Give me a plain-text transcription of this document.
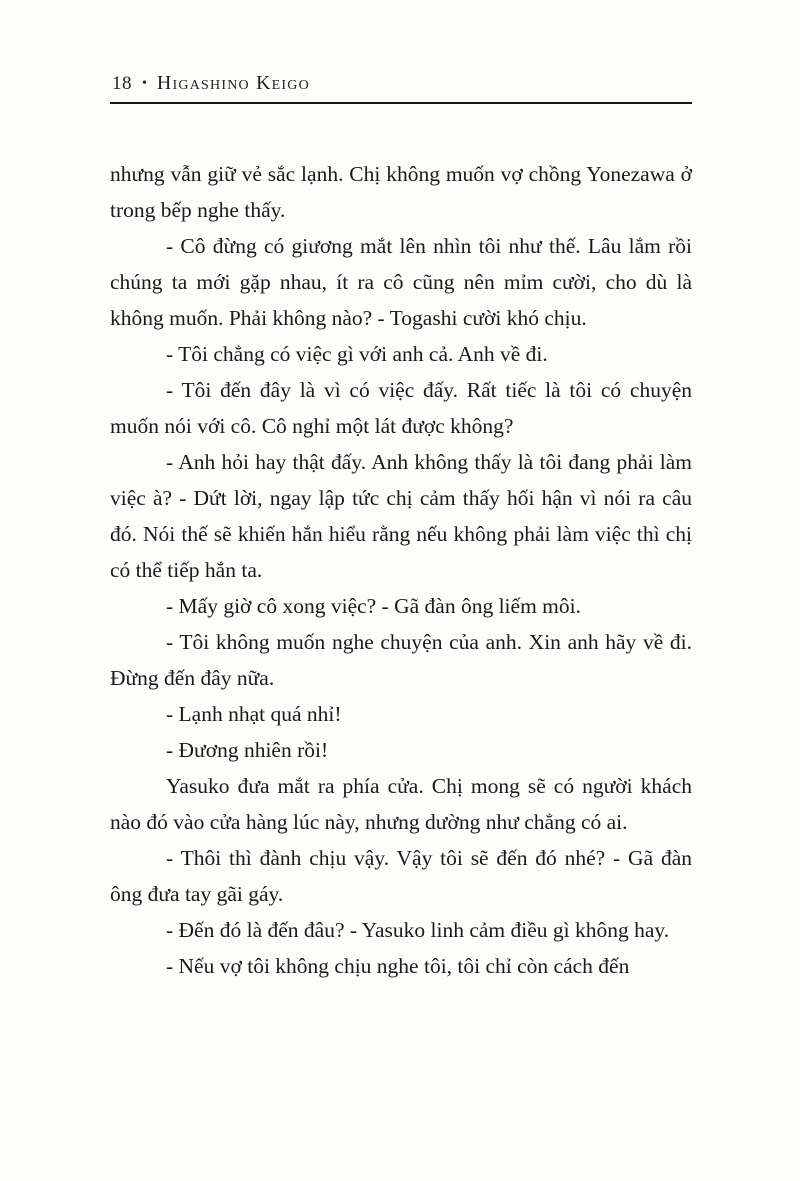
18 • Higashino Keigo

nhưng vẫn giữ vẻ sắc lạnh. Chị không muốn vợ chồng Yonezawa ở trong bếp nghe thấy.

- Cô đừng có giương mắt lên nhìn tôi như thế. Lâu lắm rồi chúng ta mới gặp nhau, ít ra cô cũng nên mỉm cười, cho dù là không muốn. Phải không nào? - Togashi cười khó chịu.

- Tôi chẳng có việc gì với anh cả. Anh về đi.

- Tôi đến đây là vì có việc đấy. Rất tiếc là tôi có chuyện muốn nói với cô. Cô nghỉ một lát được không?

- Anh hỏi hay thật đấy. Anh không thấy là tôi đang phải làm việc à? - Dứt lời, ngay lập tức chị cảm thấy hối hận vì nói ra câu đó. Nói thế sẽ khiến hắn hiểu rằng nếu không phải làm việc thì chị có thể tiếp hắn ta.

- Mấy giờ cô xong việc? - Gã đàn ông liếm môi.

- Tôi không muốn nghe chuyện của anh. Xin anh hãy về đi. Đừng đến đây nữa.

- Lạnh nhạt quá nhỉ!

- Đương nhiên rồi!

Yasuko đưa mắt ra phía cửa. Chị mong sẽ có người khách nào đó vào cửa hàng lúc này, nhưng dường như chẳng có ai.

- Thôi thì đành chịu vậy. Vậy tôi sẽ đến đó nhé? - Gã đàn ông đưa tay gãi gáy.

- Đến đó là đến đâu? - Yasuko linh cảm điều gì không hay.

- Nếu vợ tôi không chịu nghe tôi, tôi chỉ còn cách đến
